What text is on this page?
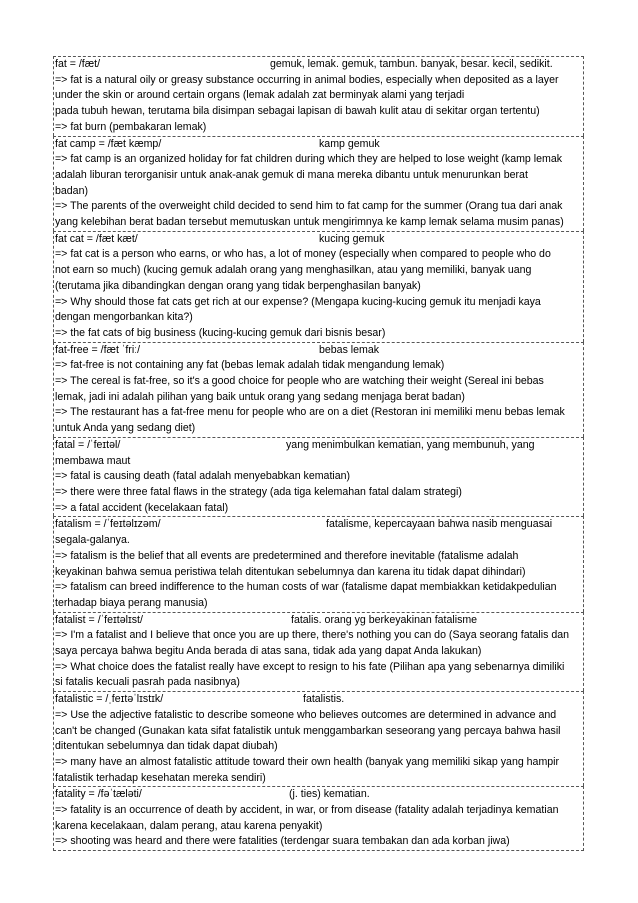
fat = /fæt/	gemuk, lemak. gemuk, tambun. banyak, besar. kecil, sedikit.
=> fat is a natural oily or greasy substance occurring in animal bodies, especially when deposited as a layer
under the skin or around certain organs (lemak adalah zat berminyak alami yang terjadi
pada tubuh hewan, terutama bila disimpan sebagai lapisan di bawah kulit atau di sekitar organ tertentu)
=> fat burn (pembakaran lemak)
fat camp = /fæt kæmp/	kamp gemuk
=> fat camp is an organized holiday for fat children during which they are helped to lose weight (kamp lemak
adalah liburan terorganisir untuk anak-anak gemuk di mana mereka dibantu untuk menurunkan berat
badan)
=> The parents of the overweight child decided to send him to fat camp for the summer (Orang tua dari anak
yang kelebihan berat badan tersebut memutuskan untuk mengirimnya ke kamp lemak selama musim panas)
fat cat = /fæt kæt/	kucing gemuk
=> fat cat is a person who earns, or who has, a lot of money (especially when compared to people who do
not earn so much) (kucing gemuk adalah orang yang menghasilkan, atau yang memiliki, banyak uang
(terutama jika dibandingkan dengan orang yang tidak berpenghasilan banyak)
=> Why should those fat cats get rich at our expense? (Mengapa kucing-kucing gemuk itu menjadi kaya
dengan mengorbankan kita?)
=> the fat cats of big business (kucing-kucing gemuk dari bisnis besar)
fat-free = /fæt ˈfriː/	bebas lemak
=> fat-free is not containing any fat (bebas lemak adalah tidak mengandung lemak)
=> The cereal is fat-free, so it's a good choice for people who are watching their weight (Sereal ini bebas
lemak, jadi ini adalah pilihan yang baik untuk orang yang sedang menjaga berat badan)
=> The restaurant has a fat-free menu for people who are on a diet (Restoran ini memiliki menu bebas lemak
untuk Anda yang sedang diet)
fatal = /ˈfeɪtəl/	yang menimbulkan kematian, yang membunuh, yang
membawa maut
=> fatal is causing death (fatal adalah menyebabkan kematian)
=> there were three fatal flaws in the strategy (ada tiga kelemahan fatal dalam strategi)
=> a fatal accident (kecelakaan fatal)
fatalism = /ˈfeɪtəlɪzəm/	fatalisme, kepercayaan bahwa nasib menguasai
segala-galanya.
=> fatalism is the belief that all events are predetermined and therefore inevitable (fatalisme adalah
keyakinan bahwa semua peristiwa telah ditentukan sebelumnya dan karena itu tidak dapat dihindari)
=> fatalism can breed indifference to the human costs of war (fatalisme dapat membiakkan ketidakpedulian
terhadap biaya perang manusia)
fatalist = /ˈfeɪtəlɪst/	fatalis. orang yg berkeyakinan fatalisme
=> I'm a fatalist and I believe that once you are up there, there's nothing you can do (Saya seorang fatalis dan
saya percaya bahwa begitu Anda berada di atas sana, tidak ada yang dapat Anda lakukan)
=> What choice does the fatalist really have except to resign to his fate (Pilihan apa yang sebenarnya dimiliki
si fatalis kecuali pasrah pada nasibnya)
fatalistic = /ˌfeɪtəˈlɪstɪk/	fatalistis.
=> Use the adjective fatalistic to describe someone who believes outcomes are determined in advance and
can't be changed (Gunakan kata sifat fatalistik untuk menggambarkan seseorang yang percaya bahwa hasil
ditentukan sebelumnya dan tidak dapat diubah)
=> many have an almost fatalistic attitude toward their own health (banyak yang memiliki sikap yang hampir
fatalistik terhadap kesehatan mereka sendiri)
fatality = /fəˈtæləti/	(j. ties) kematian.
=> fatality is an occurrence of death by accident, in war, or from disease (fatality adalah terjadinya kematian
karena kecelakaan, dalam perang, atau karena penyakit)
=> shooting was heard and there were fatalities (terdengar suara tembakan dan ada korban jiwa)
